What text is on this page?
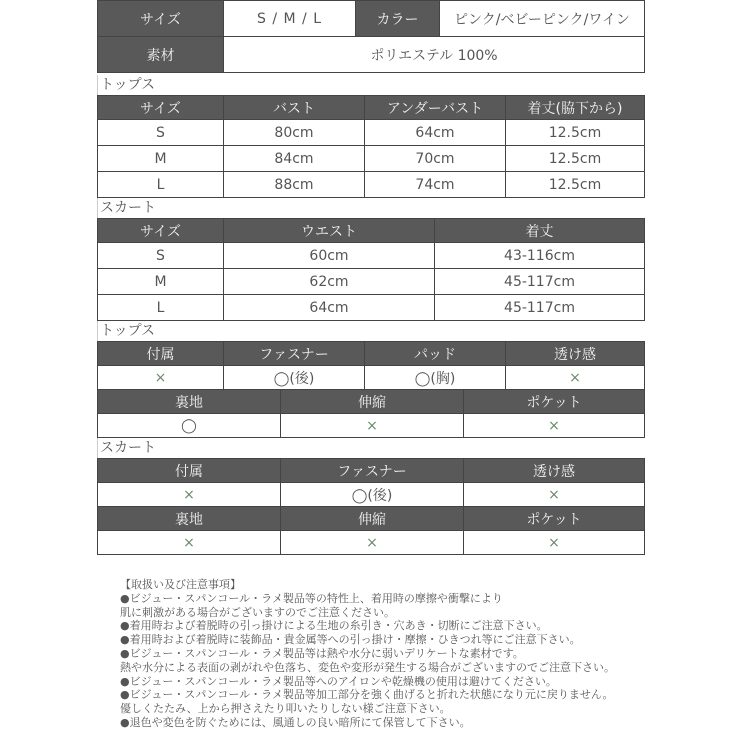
サイズ	S / M / L	カラー	ピンク/ベビーピンク/ワイン
素材	ポリエステル 100%		
トップス
サイズ	バスト	アンダーバスト	着丈(脇下から)
S	80cm	64cm	12.5cm
M	84cm	70cm	12.5cm
L	88cm	74cm	12.5cm
スカート
サイズ	ウエスト	着丈
S	60cm	43-116cm
M	62cm	45-117cm
L	64cm	45-117cm
トップス
付属	ファスナー	パッド	透け感
×	◯(後)	◯(胸)	×
裏地	伸縮	ポケット
◯	×	×
スカート
付属	ファスナー	透け感
×	◯(後)	×
裏地	伸縮	ポケット
×	×	×

【取扱い及び注意事項】

●ビジュー・スパンコール・ラメ製品等の特性上、着用時の摩擦や衝撃により

肌に刺激がある場合がございますのでご注意ください。

●着用時および着脱時の引っ掛けによる生地の糸引き・穴あき・切断にご注意下さい。

●着用時および着脱時に装飾品・貴金属等への引っ掛け・摩擦・ひきつれ等にご注意下さい。

●ビジュー・スパンコール・ラメ製品等は熱や水分に弱いデリケートな素材です。

熱や水分による表面の剥がれや色落ち、変色や変形が発生する場合がございますのでご注意下さい。

●ビジュー・スパンコール・ラメ製品等へのアイロンや乾燥機の使用は避けてください。

●ビジュー・スパンコール・ラメ製品等加工部分を強く曲げると折れた状態になり元に戻りません。

優しくたたみ、上から押さえたり叩いたりしない様ご注意下さい。

●退色や変色を防ぐためには、風通しの良い暗所にて保管して下さい。
